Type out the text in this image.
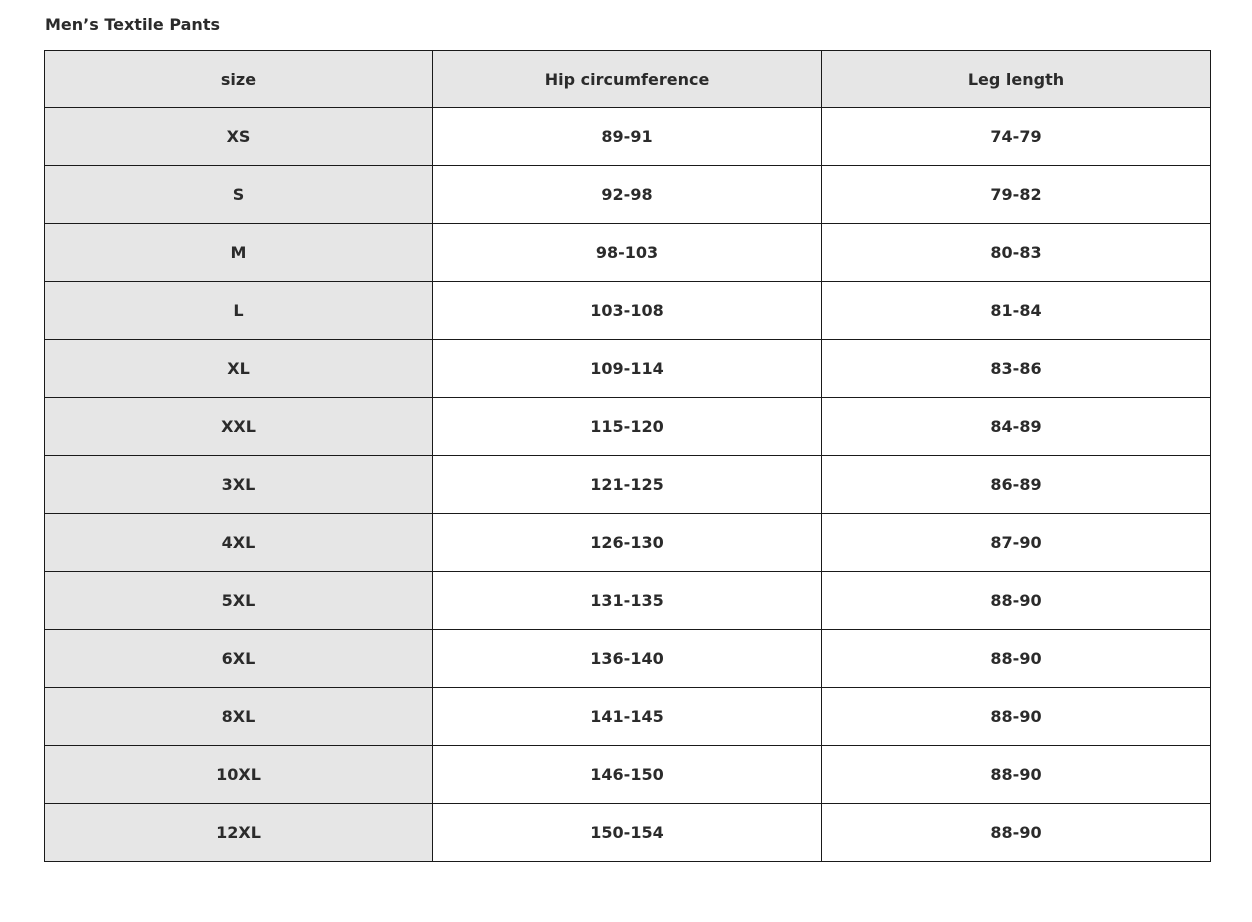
Men’s Textile Pants
size	Hip circumference	Leg length
XS	89-91	74-79
S	92-98	79-82
M	98-103	80-83
L	103-108	81-84
XL	109-114	83-86
XXL	115-120	84-89
3XL	121-125	86-89
4XL	126-130	87-90
5XL	131-135	88-90
6XL	136-140	88-90
8XL	141-145	88-90
10XL	146-150	88-90
12XL	150-154	88-90
